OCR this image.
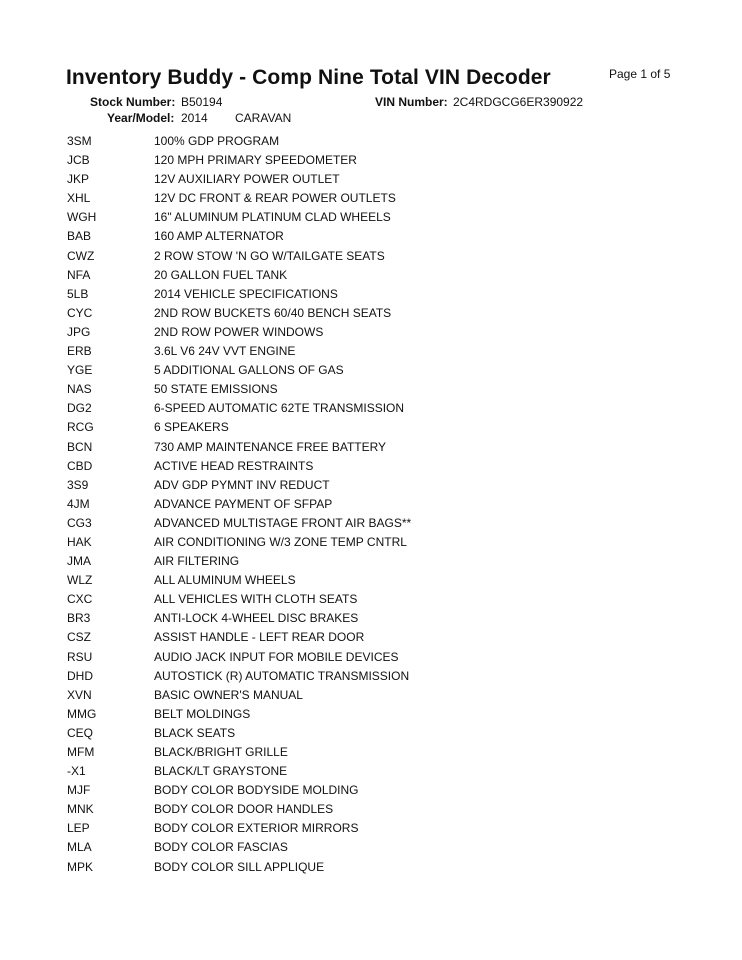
Inventory Buddy - Comp Nine Total VIN Decoder	Page 1 of 5
Stock Number: B50194	VIN Number: 2C4RDGCG6ER390922
Year/Model: 2014 CARAVAN
3SM	100% GDP PROGRAM
JCB	120 MPH PRIMARY SPEEDOMETER
JKP	12V AUXILIARY POWER OUTLET
XHL	12V DC FRONT & REAR POWER OUTLETS
WGH	16" ALUMINUM PLATINUM CLAD WHEELS
BAB	160 AMP ALTERNATOR
CWZ	2 ROW STOW 'N GO W/TAILGATE SEATS
NFA	20 GALLON FUEL TANK
5LB	2014 VEHICLE SPECIFICATIONS
CYC	2ND ROW BUCKETS 60/40 BENCH SEATS
JPG	2ND ROW POWER WINDOWS
ERB	3.6L V6 24V VVT ENGINE
YGE	5 ADDITIONAL GALLONS OF GAS
NAS	50 STATE EMISSIONS
DG2	6-SPEED AUTOMATIC 62TE TRANSMISSION
RCG	6 SPEAKERS
BCN	730 AMP MAINTENANCE FREE BATTERY
CBD	ACTIVE HEAD RESTRAINTS
3S9	ADV GDP PYMNT INV REDUCT
4JM	ADVANCE PAYMENT OF SFPAP
CG3	ADVANCED MULTISTAGE FRONT AIR BAGS**
HAK	AIR CONDITIONING W/3 ZONE TEMP CNTRL
JMA	AIR FILTERING
WLZ	ALL ALUMINUM WHEELS
CXC	ALL VEHICLES WITH CLOTH SEATS
BR3	ANTI-LOCK 4-WHEEL DISC BRAKES
CSZ	ASSIST HANDLE - LEFT REAR DOOR
RSU	AUDIO JACK INPUT FOR MOBILE DEVICES
DHD	AUTOSTICK (R) AUTOMATIC TRANSMISSION
XVN	BASIC OWNER'S MANUAL
MMG	BELT MOLDINGS
CEQ	BLACK SEATS
MFM	BLACK/BRIGHT GRILLE
-X1	BLACK/LT GRAYSTONE
MJF	BODY COLOR BODYSIDE MOLDING
MNK	BODY COLOR DOOR HANDLES
LEP	BODY COLOR EXTERIOR MIRRORS
MLA	BODY COLOR FASCIAS
MPK	BODY COLOR SILL APPLIQUE
